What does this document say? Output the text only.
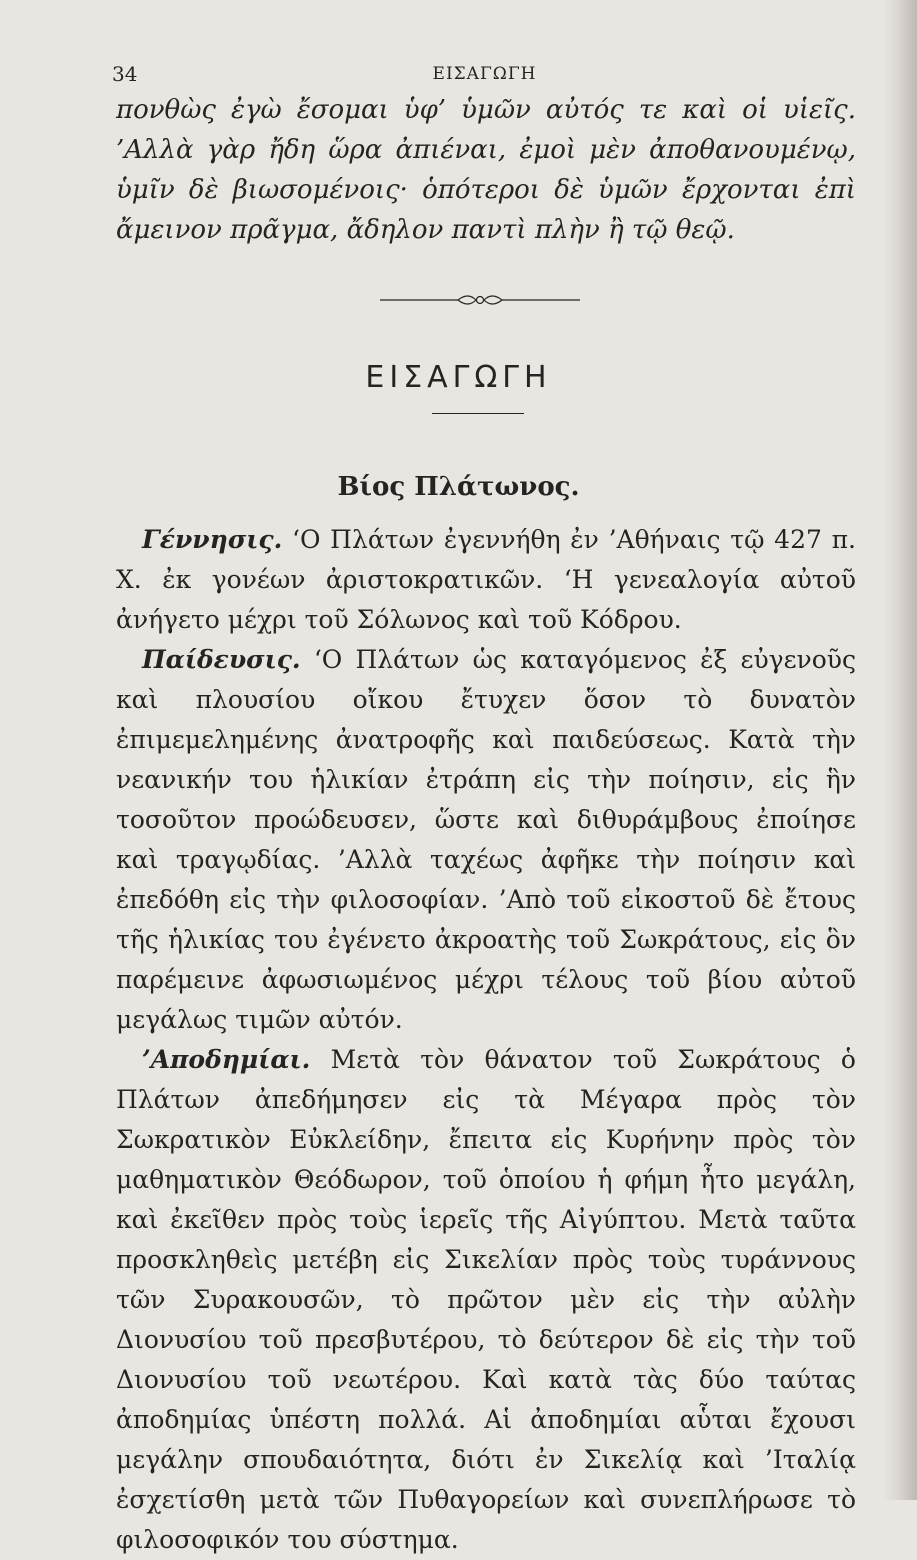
34	ΕΙΣΑΓΩΓΗ
πονθὼς ἐγὼ ἔσομαι ὑφ’ ὑμῶν αὐτός τε καὶ οἱ υἱεῖς. ’Αλλὰ γὰρ ἤδη ὥρα ἀπιέναι, ἐμοὶ μὲν ἀποθανουμένῳ, ὑμῖν δὲ βιωσομένοις· ὁπότεροι δὲ ὑμῶν ἔρχονται ἐπὶ ἄμεινον πρᾶγμα, ἄδηλον παντὶ πλὴν ἢ τῷ θεῷ.
ΕΙΣΑΓΩΓΗ
Βίος Πλάτωνος.

Γέννησις. ‘Ο Πλάτων ἐγεννήθη ἐν ’Αθήναις τῷ 427 π. Χ. ἐκ γονέων ἀριστοκρατικῶν. ‘Η γενεαλογία αὐτοῦ ἀνήγετο μέχρι τοῦ Σόλωνος καὶ τοῦ Κόδρου.

Παίδευσις. ‘Ο Πλάτων ὡς καταγόμενος ἐξ εὐγενοῦς καὶ πλουσίου οἴκου ἔτυχεν ὅσον τὸ δυνατὸν ἐπιμεμελημένης ἀνατροφῆς καὶ παιδεύσεως. Κατὰ τὴν νεανικήν του ἡλικίαν ἐτράπη εἰς τὴν ποίησιν, εἰς ἣν τοσοῦτον προώδευσεν, ὥστε καὶ διθυράμβους ἐποίησε καὶ τραγῳδίας. ’Αλλὰ ταχέως ἀφῆκε τὴν ποίησιν καὶ ἐπεδόθη εἰς τὴν φιλοσοφίαν. ’Απὸ τοῦ εἰκοστοῦ δὲ ἔτους τῆς ἡλικίας του ἐγένετο ἀκροατὴς τοῦ Σωκράτους, εἰς ὃν παρέμεινε ἀφωσιωμένος μέχρι τέλους τοῦ βίου αὐτοῦ μεγάλως τιμῶν αὐτόν.

’Αποδημίαι. Μετὰ τὸν θάνατον τοῦ Σωκράτους ὁ Πλάτων ἀπεδήμησεν εἰς τὰ Μέγαρα πρὸς τὸν Σωκρατικὸν Εὐκλείδην, ἔπειτα εἰς Κυρήνην πρὸς τὸν μαθηματικὸν Θεόδωρον, τοῦ ὁποίου ἡ φήμη ἦτο μεγάλη, καὶ ἐκεῖθεν πρὸς τοὺς ἱερεῖς τῆς Αἰγύπτου. Μετὰ ταῦτα προσκληθεὶς μετέβη εἰς Σικελίαν πρὸς τοὺς τυράννους τῶν Συρακουσῶν, τὸ πρῶτον μὲν εἰς τὴν αὐλὴν Διονυσίου τοῦ πρεσβυτέρου, τὸ δεύτερον δὲ εἰς τὴν τοῦ Διονυσίου τοῦ νεωτέρου. Καὶ κατὰ τὰς δύο ταύτας ἀποδημίας ὑπέστη πολλά. Αἱ ἀποδημίαι αὗται ἔχουσι μεγάλην σπουδαιότητα, διότι ἐν Σικελίᾳ καὶ ’Ιταλίᾳ ἐσχετίσθη μετὰ τῶν Πυθαγορείων καὶ συνεπλήρωσε τὸ φιλοσοφικόν του σύστημα.
